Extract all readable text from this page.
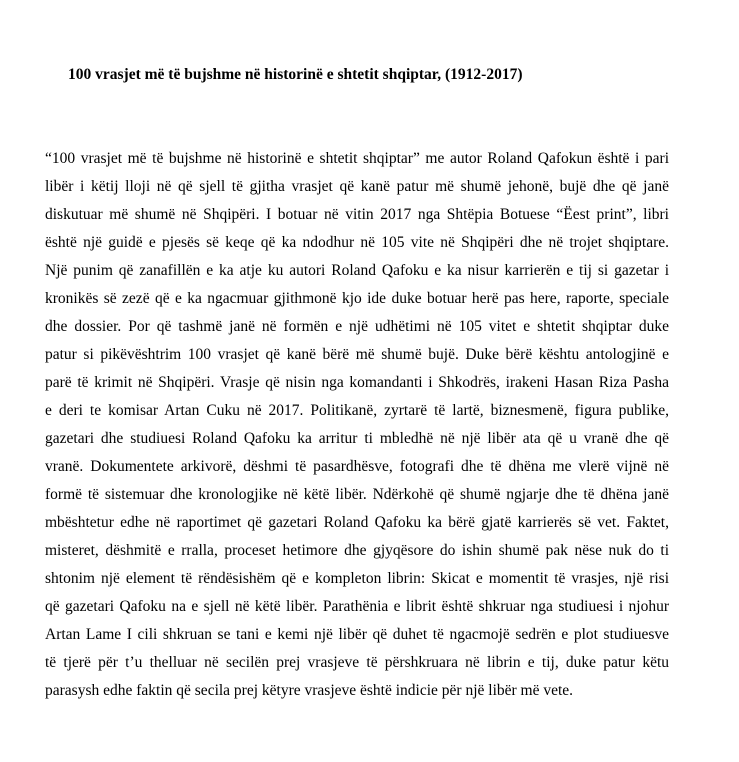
100 vrasjet më të bujshme në historinë e shtetit shqiptar, (1912-2017)
“100 vrasjet më të bujshme në historinë e shtetit shqiptar” me autor Roland Qafokun është i pari
libër i këtij lloji në që sjell të gjitha vrasjet që kanë patur më shumë jehonë, bujë dhe që janë
diskutuar më shumë në Shqipëri. I botuar në vitin 2017 nga Shtëpia Botuese “Ëest print”, libri
është një guidë e pjesës së keqe që ka ndodhur në 105 vite në Shqipëri dhe në trojet shqiptare.
Një punim që zanafillën e ka atje ku autori Roland Qafoku e ka nisur karrierën e tij si gazetar i
kronikës së zezë që e ka ngacmuar gjithmonë kjo ide duke botuar herë pas here, raporte, speciale
dhe dossier. Por që tashmë janë në formën e një udhëtimi në 105 vitet e shtetit shqiptar duke
patur si pikëvështrim 100 vrasjet që kanë bërë më shumë bujë. Duke bërë kështu antologjinë e
parë të krimit në Shqipëri. Vrasje që nisin nga komandanti i Shkodrës, irakeni Hasan Riza Pasha
e deri te komisar Artan Cuku në 2017. Politikanë, zyrtarë të lartë, biznesmenë, figura publike,
gazetari dhe studiuesi Roland Qafoku ka arritur ti mbledhë në një libër ata që u vranë dhe që
vranë. Dokumentete arkivorë, dëshmi të pasardhësve, fotografi dhe të dhëna me vlerë vijnë në
formë të sistemuar dhe kronologjike në këtë libër. Ndërkohë që shumë ngjarje dhe të dhëna janë
mbështetur edhe në raportimet që gazetari Roland Qafoku ka bërë gjatë karrierës së vet. Faktet,
misteret, dëshmitë e rralla, proceset hetimore dhe gjyqësore do ishin shumë pak nëse nuk do ti
shtonim një element të rëndësishëm që e kompleton librin: Skicat e momentit të vrasjes, një risi
që gazetari Qafoku na e sjell në këtë libër. Parathënia e librit është shkruar nga studiuesi i njohur
Artan Lame I cili shkruan se tani e kemi një libër që duhet të ngacmojë sedrën e plot studiuesve
të tjerë për t’u thelluar në secilën prej vrasjeve të përshkruara në librin e tij, duke patur këtu
parasysh edhe faktin që secila prej këtyre vrasjeve është indicie për një libër më vete.
